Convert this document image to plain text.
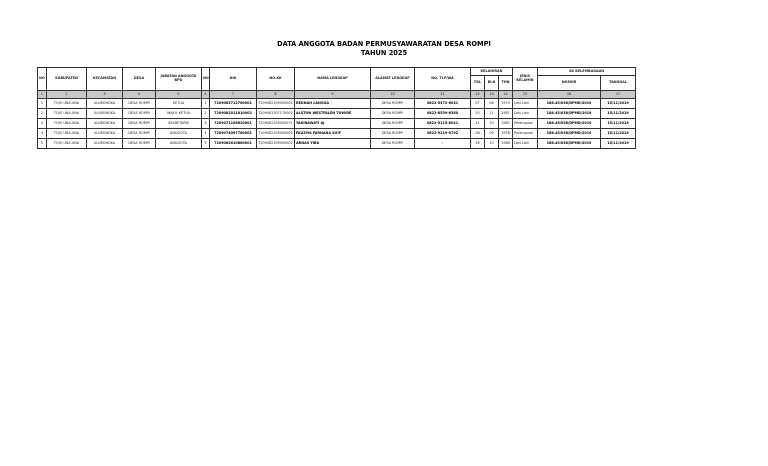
DATA ANGGOTA BADAN PERMUSYAWARATAN DESA ROMPI
TAHUN 2025
NO	KABUPATEN	KECAMATAN	DESA	JABATAN ANGGOTA BPD	NO	NIK	NO.KK	NAMA LENGKAP	ALAMAT LENGKAP	NO. TLP/WA	KELAHIRAN			JENIS KELAMIN	SK KELEMBAGAAN	
											TGL	BLN	THN		NOMOR	TANGGAL
1	2	3	4	5	6	7	8	9	10	11	12	13	14	15	16	17
1	TOJO UNA-UNA	ULUBONGKA	DESA ROMPI	KETUA	1	7209083712760001	7209082309090001	REDNAH LANGGA	DESA ROMPI	0822-5372-6031	07	08	1970	Laki-Laki	188.45/038/DPMD/2019	15/11/2019
2	TOJO UNA-UNA	ULUBONGKA	DESA ROMPI	WAKIL KETUA	2	7209082011810002	7209081307170002	ALSTON WESTFALEN TUWIRE	DESA ROMPI	0822-8539-6380	20	11	1981	Laki-Laki	188.45/038/DPMD/2019	15/11/2019
3	TOJO UNA-UNA	ULUBONGKA	DESA ROMPI	SEKRETARIS	3	7209071108820001	7209082309090071	YASINAWATI AJ	DESA ROMPI	0822-5115-8041	11	10	1982	Perempuan	188.45/038/DPMD/2019	15/11/2019
4	TOJO UNA-UNA	ULUBONGKA	DESA ROMPI	ANGGOTA	4	7209074097780001	7209082309090002	FAUZIYA FARHANA SUIF	DESA ROMPI	0822-9219-0792	08	09	1978	Perempuan	188.45/038/DPMD/2019	15/11/2019
5	TOJO UNA-UNA	ULUBONGKA	DESA ROMPI	ANGGOTA	5	7209082610880001	7209082309090002	ARNAS YIBU	DESA ROMPI	-	26	10	1988	Laki-Laki	188.45/038/DPMD/2019	15/11/2019
